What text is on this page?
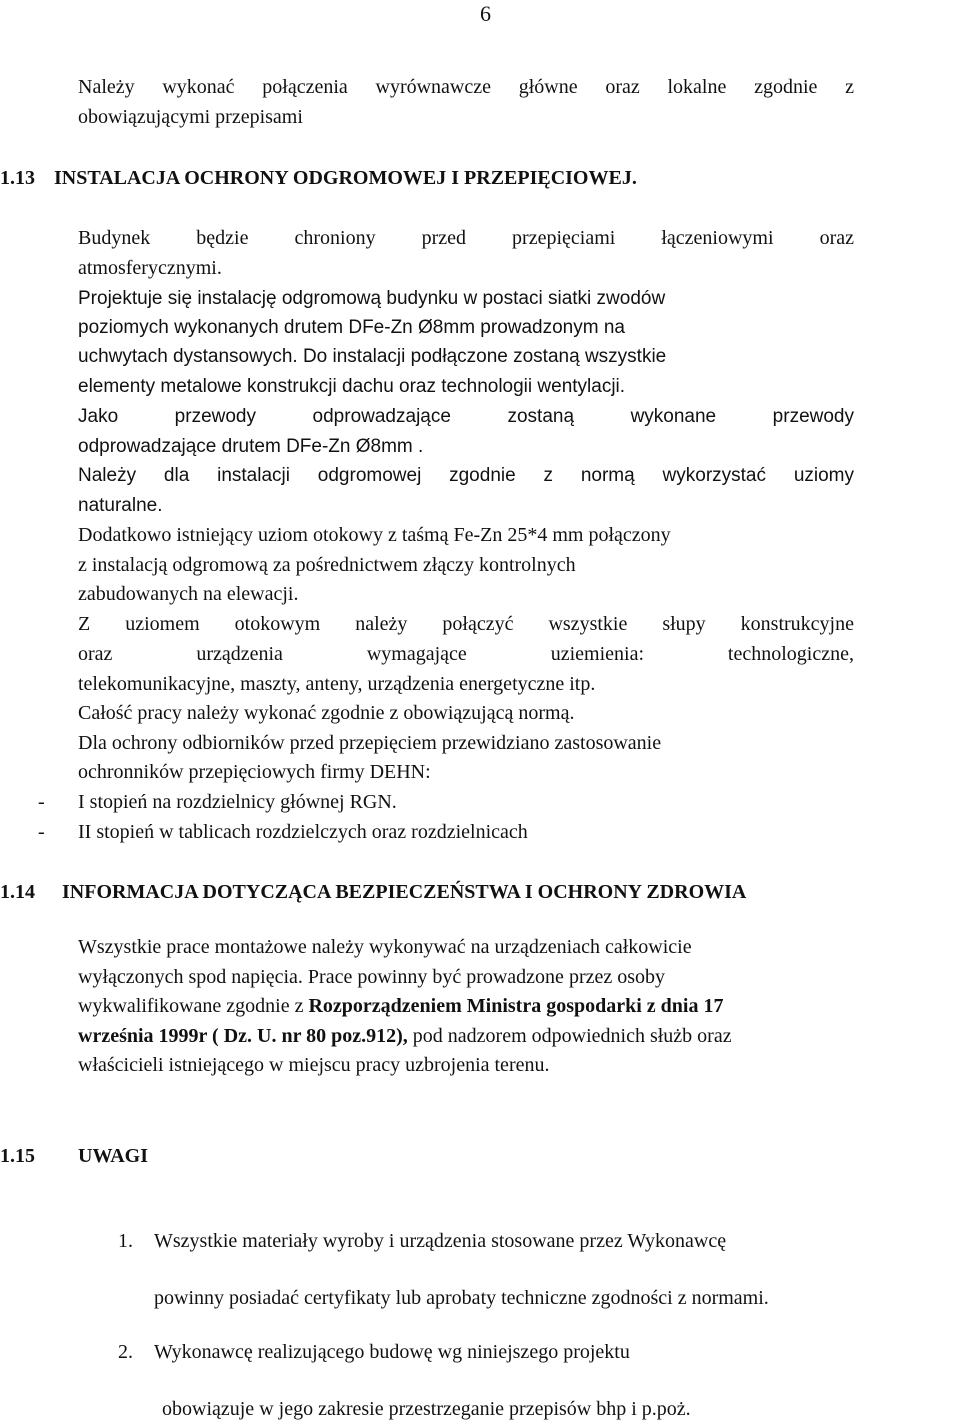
6

Należy wykonać połączenia wyrównawcze główne oraz lokalne zgodnie z

obowiązującymi przepisami

1.13 INSTALACJA OCHRONY ODGROMOWEJ I PRZEPIĘCIOWEJ.

Budynek będzie chroniony przed przepięciami łączeniowymi oraz

atmosferycznymi.

Projektuje się instalację odgromową budynku w postaci siatki zwodów

poziomych wykonanych drutem DFe-Zn Ø8mm prowadzonym na

uchwytach dystansowych. Do instalacji podłączone zostaną wszystkie

elementy metalowe konstrukcji dachu oraz technologii wentylacji.

Jako przewody odprowadzające zostaną wykonane przewody

odprowadzające drutem DFe-Zn Ø8mm .

Należy dla instalacji odgromowej zgodnie z normą wykorzystać uziomy

naturalne.

Dodatkowo istniejący uziom otokowy z taśmą Fe-Zn 25*4 mm połączony

z instalacją odgromową za pośrednictwem złączy kontrolnych

zabudowanych na elewacji.

Z uziomem otokowym należy połączyć wszystkie słupy konstrukcyjne

oraz urządzenia wymagające uziemienia: technologiczne,

telekomunikacyjne, maszty, anteny, urządzenia energetyczne itp.

Całość pracy należy wykonać zgodnie z obowiązującą normą.

Dla ochrony odbiorników przed przepięciem przewidziano zastosowanie

ochronników przepięciowych firmy DEHN:

- I stopień na rozdzielnicy głównej RGN.
- II stopień w tablicach rozdzielczych oraz rozdzielnicach
1.14 INFORMACJA DOTYCZĄCA BEZPIECZEŃSTWA I OCHRONY ZDROWIA

Wszystkie prace montażowe należy wykonywać na urządzeniach całkowicie

wyłączonych spod napięcia. Prace powinny być prowadzone przez osoby

wykwalifikowane zgodnie z Rozporządzeniem Ministra gospodarki z dnia 17

września 1999r ( Dz. U. nr 80 poz.912), pod nadzorem odpowiednich służb oraz

właścicieli istniejącego w miejscu pracy uzbrojenia terenu.

1.15 UWAGI
1. Wszystkie materiały wyroby i urządzenia stosowane przez Wykonawcę
powinny posiadać certyfikaty lub aprobaty techniczne zgodności z normami.
2. Wykonawcę realizującego budowę wg niniejszego projektu
obowiązuje w jego zakresie przestrzeganie przepisów bhp i p.poż.
